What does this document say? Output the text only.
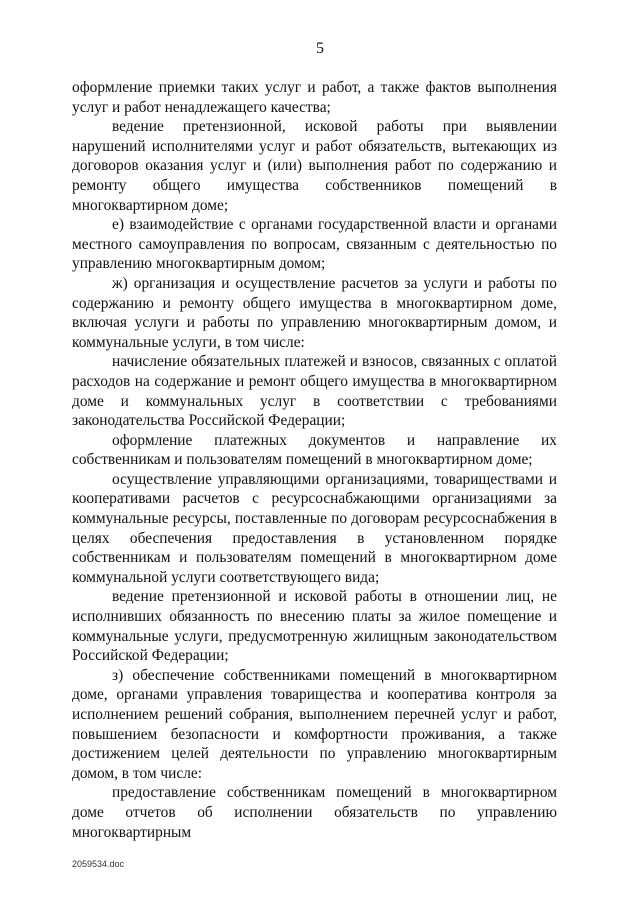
5

оформление приемки таких услуг и работ, а также фактов выполнения услуг и работ ненадлежащего качества;

ведение претензионной, исковой работы при выявлении нарушений исполнителями услуг и работ обязательств, вытекающих из договоров оказания услуг и (или) выполнения работ по содержанию и ремонту общего имущества собственников помещений в многоквартирном доме;

е) взаимодействие с органами государственной власти и органами местного самоуправления по вопросам, связанным с деятельностью по управлению многоквартирным домом;

ж) организация и осуществление расчетов за услуги и работы по содержанию и ремонту общего имущества в многоквартирном доме, включая услуги и работы по управлению многоквартирным домом, и коммунальные услуги, в том числе:

начисление обязательных платежей и взносов, связанных с оплатой расходов на содержание и ремонт общего имущества в многоквартирном доме и коммунальных услуг в соответствии с требованиями законодательства Российской Федерации;

оформление платежных документов и направление их собственникам и пользователям помещений в многоквартирном доме;

осуществление управляющими организациями, товариществами и кооперативами расчетов с ресурсоснабжающими организациями за коммунальные ресурсы, поставленные по договорам ресурсоснабжения в целях обеспечения предоставления в установленном порядке собственникам и пользователям помещений в многоквартирном доме коммунальной услуги соответствующего вида;

ведение претензионной и исковой работы в отношении лиц, не исполнивших обязанность по внесению платы за жилое помещение и коммунальные услуги, предусмотренную жилищным законодательством Российской Федерации;

з) обеспечение собственниками помещений в многоквартирном доме, органами управления товарищества и кооператива контроля за исполнением решений собрания, выполнением перечней услуг и работ, повышением безопасности и комфортности проживания, а также достижением целей деятельности по управлению многоквартирным домом, в том числе:

предоставление собственникам помещений в многоквартирном доме отчетов об исполнении обязательств по управлению многоквартирным

2059534.doc
